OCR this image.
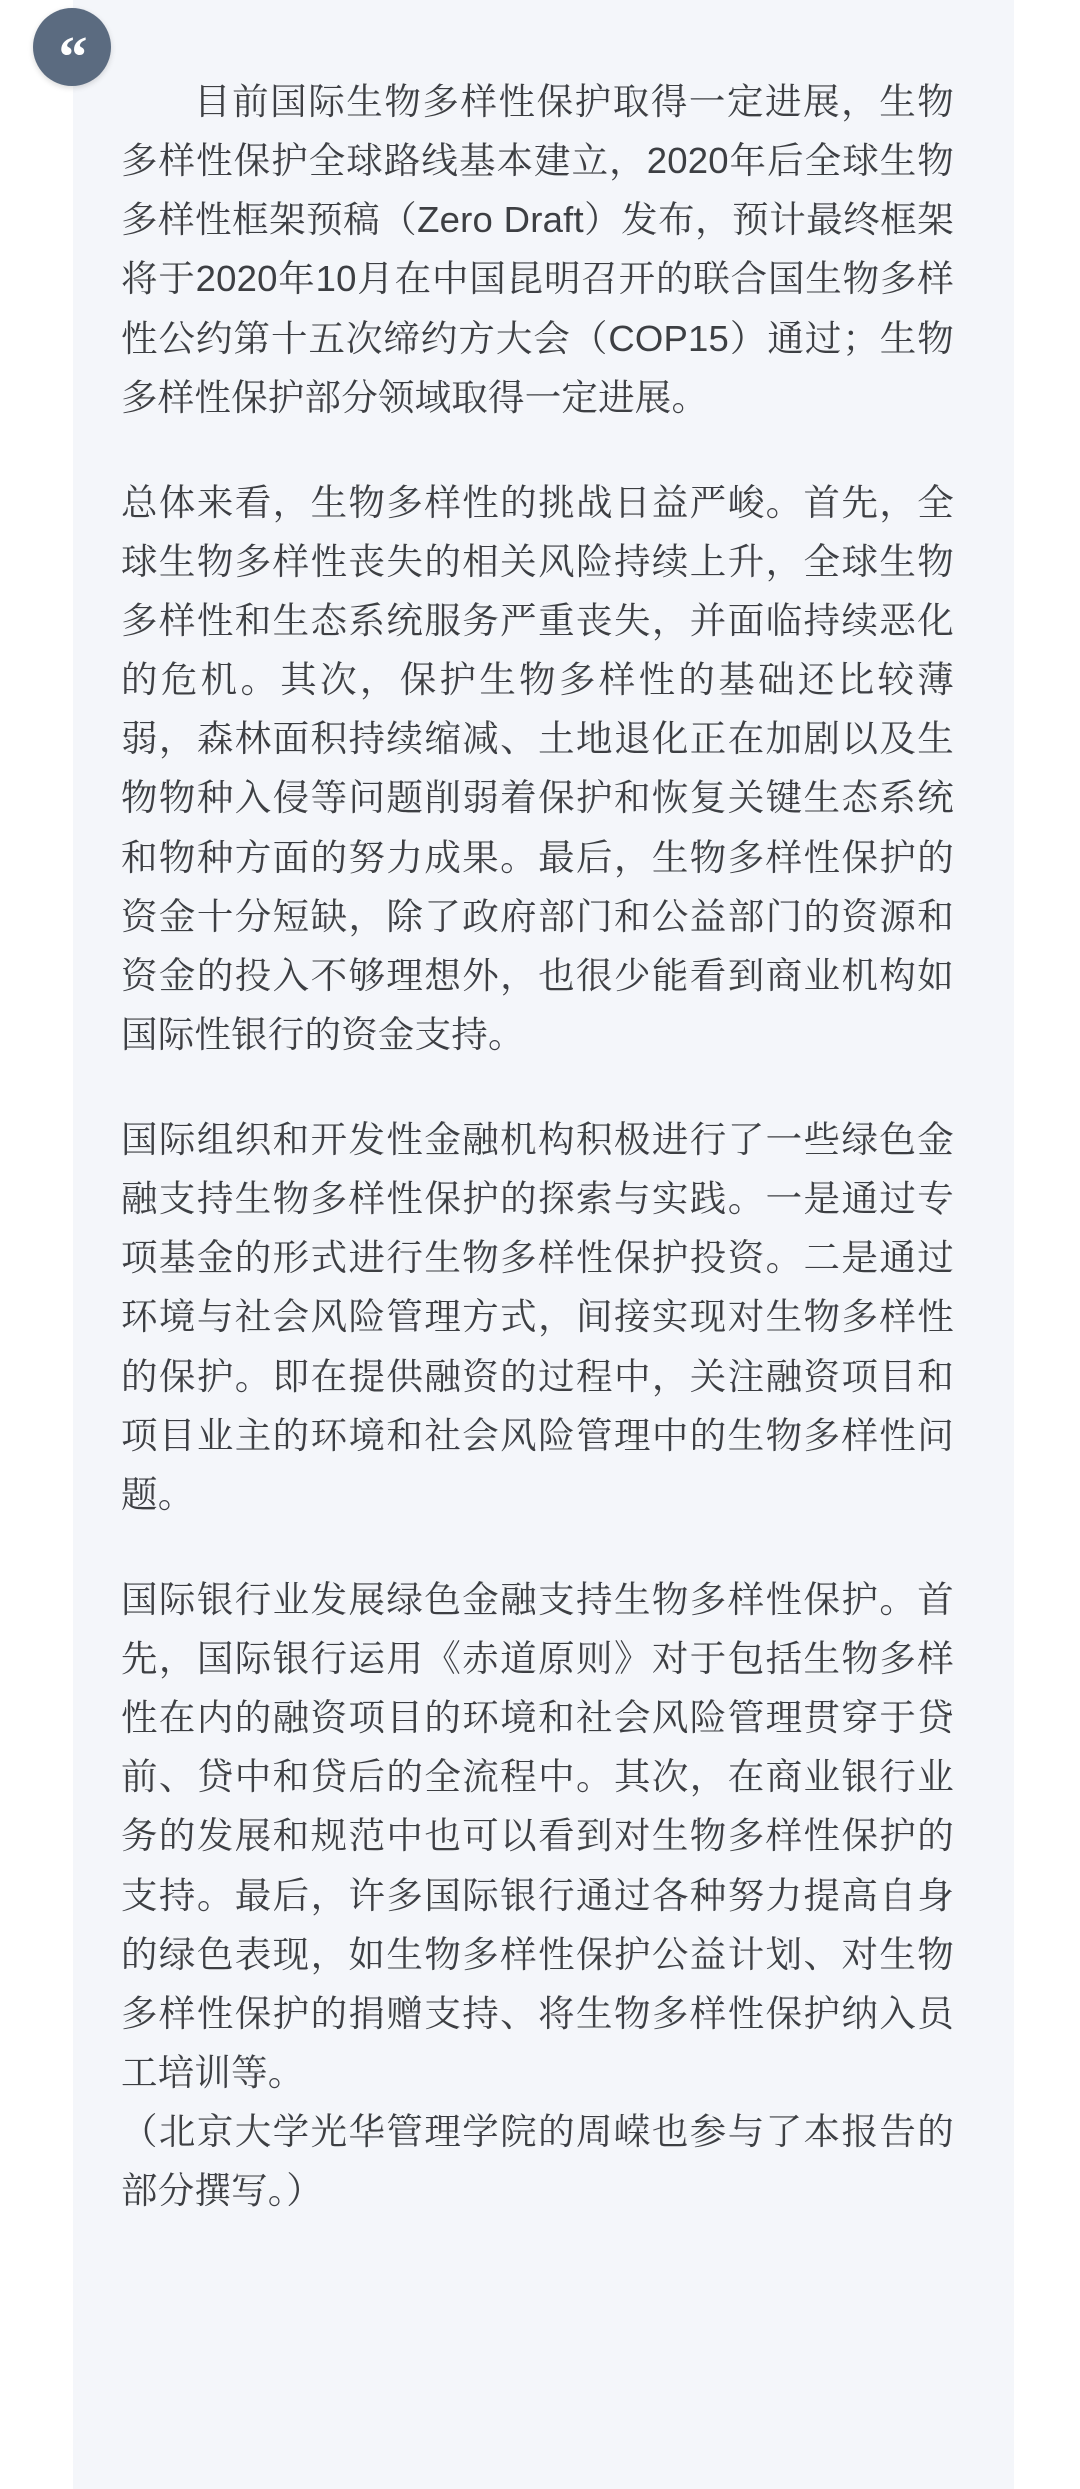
“

目前国际生物多样性保护取得一定进展，生物多样性保护全球路线基本建立，2020年后全球生物多样性框架预稿（Zero Draft）发布，预计最终框架将于2020年10月在中国昆明召开的联合国生物多样性公约第十五次缔约方大会（COP15）通过；生物多样性保护部分领域取得一定进展。

总体来看，生物多样性的挑战日益严峻。首先，全球生物多样性丧失的相关风险持续上升，全球生物多样性和生态系统服务严重丧失，并面临持续恶化的危机。其次，保护生物多样性的基础还比较薄弱，森林面积持续缩减、土地退化正在加剧以及生物物种入侵等问题削弱着保护和恢复关键生态系统和物种方面的努力成果。最后，生物多样性保护的资金十分短缺，除了政府部门和公益部门的资源和资金的投入不够理想外，也很少能看到商业机构如国际性银行的资金支持。

国际组织和开发性金融机构积极进行了一些绿色金融支持生物多样性保护的探索与实践。一是通过专项基金的形式进行生物多样性保护投资。二是通过环境与社会风险管理方式，间接实现对生物多样性的保护。即在提供融资的过程中，关注融资项目和项目业主的环境和社会风险管理中的生物多样性问题。

国际银行业发展绿色金融支持生物多样性保护。首先，国际银行运用《赤道原则》对于包括生物多样性在内的融资项目的环境和社会风险管理贯穿于贷前、贷中和贷后的全流程中。其次，在商业银行业务的发展和规范中也可以看到对生物多样性保护的支持。最后，许多国际银行通过各种努力提高自身的绿色表现，如生物多样性保护公益计划、对生物多样性保护的捐赠支持、将生物多样性保护纳入员工培训等。

（北京大学光华管理学院的周嵘也参与了本报告的部分撰写。）
